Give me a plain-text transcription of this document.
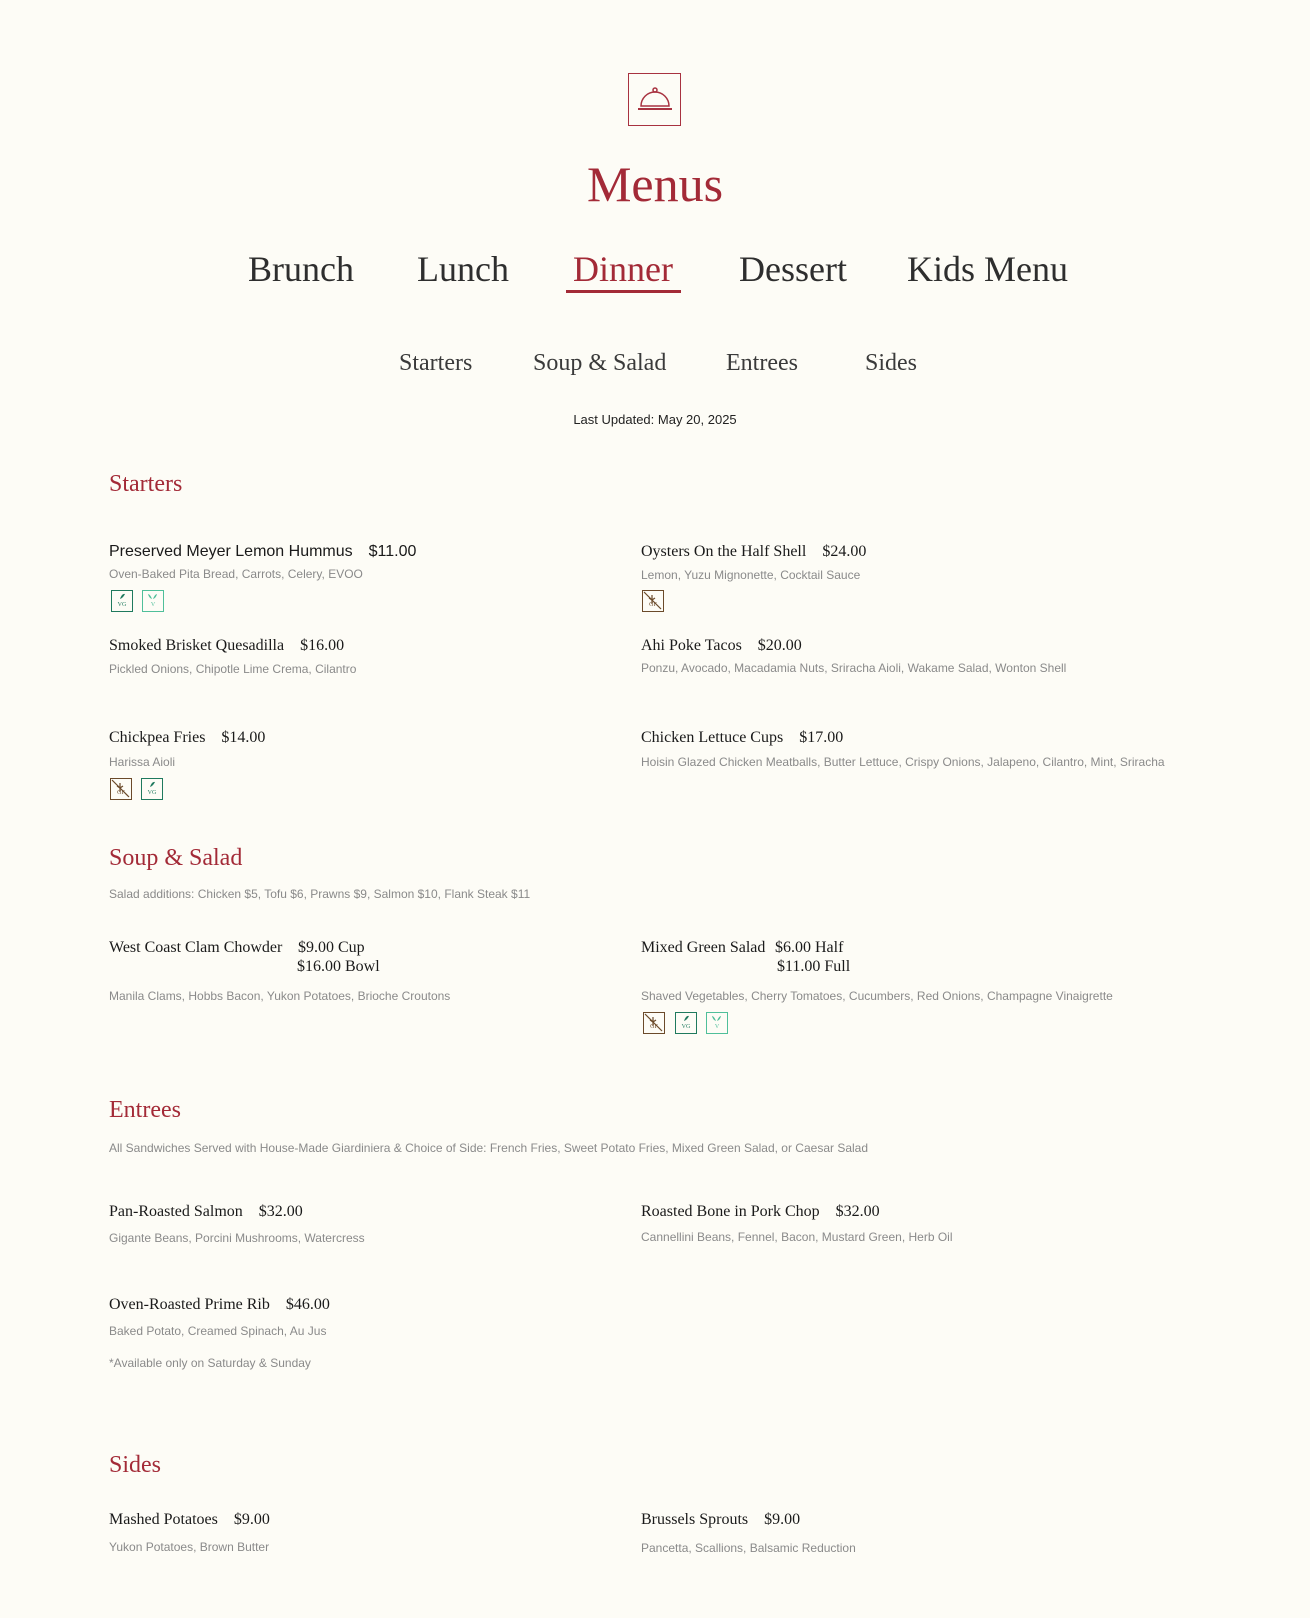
Menus
Brunch Lunch Dinner Dessert Kids Menu
Starters	Soup & Salad Entrees	Sides
Last Updated: May 20, 2025
Starters
Preserved Meyer Lemon Hummus $11.00
Oven-Baked Pita Bread, Carrots, Celery, EVOO
VG	V
Oysters On the Half Shell $24.00
Lemon, Yuzu Mignonette, Cocktail Sauce
GF
Smoked Brisket Quesadilla $16.00
Pickled Onions, Chipotle Lime Crema, Cilantro
Ahi Poke Tacos $20.00
Ponzu, Avocado, Macadamia Nuts, Sriracha Aioli, Wakame Salad, Wonton Shell
Chickpea Fries $14.00
Harissa Aioli
GF	VG
Chicken Lettuce Cups $17.00
Hoisin Glazed Chicken Meatballs, Butter Lettuce, Crispy Onions, Jalapeno, Cilantro, Mint, Sriracha
Soup & Salad
Salad additions: Chicken $5, Tofu $6, Prawns $9, Salmon $10, Flank Steak $11
West Coast Clam Chowder $9.00 Cup
$16.00 Bowl
Manila Clams, Hobbs Bacon, Yukon Potatoes, Brioche Croutons
Mixed Green Salad $6.00 Half
$11.00 Full
Shaved Vegetables, Cherry Tomatoes, Cucumbers, Red Onions, Champagne Vinaigrette
GF	VG	V
Entrees
All Sandwiches Served with House-Made Giardiniera & Choice of Side: French Fries, Sweet Potato Fries, Mixed Green Salad, or Caesar Salad
Pan-Roasted Salmon $32.00
Gigante Beans, Porcini Mushrooms, Watercress
Roasted Bone in Pork Chop $32.00
Cannellini Beans, Fennel, Bacon, Mustard Green, Herb Oil
Oven-Roasted Prime Rib $46.00
Baked Potato, Creamed Spinach, Au Jus
*Available only on Saturday & Sunday
Sides
Mashed Potatoes $9.00
Yukon Potatoes, Brown Butter
Brussels Sprouts $9.00
Pancetta, Scallions, Balsamic Reduction
